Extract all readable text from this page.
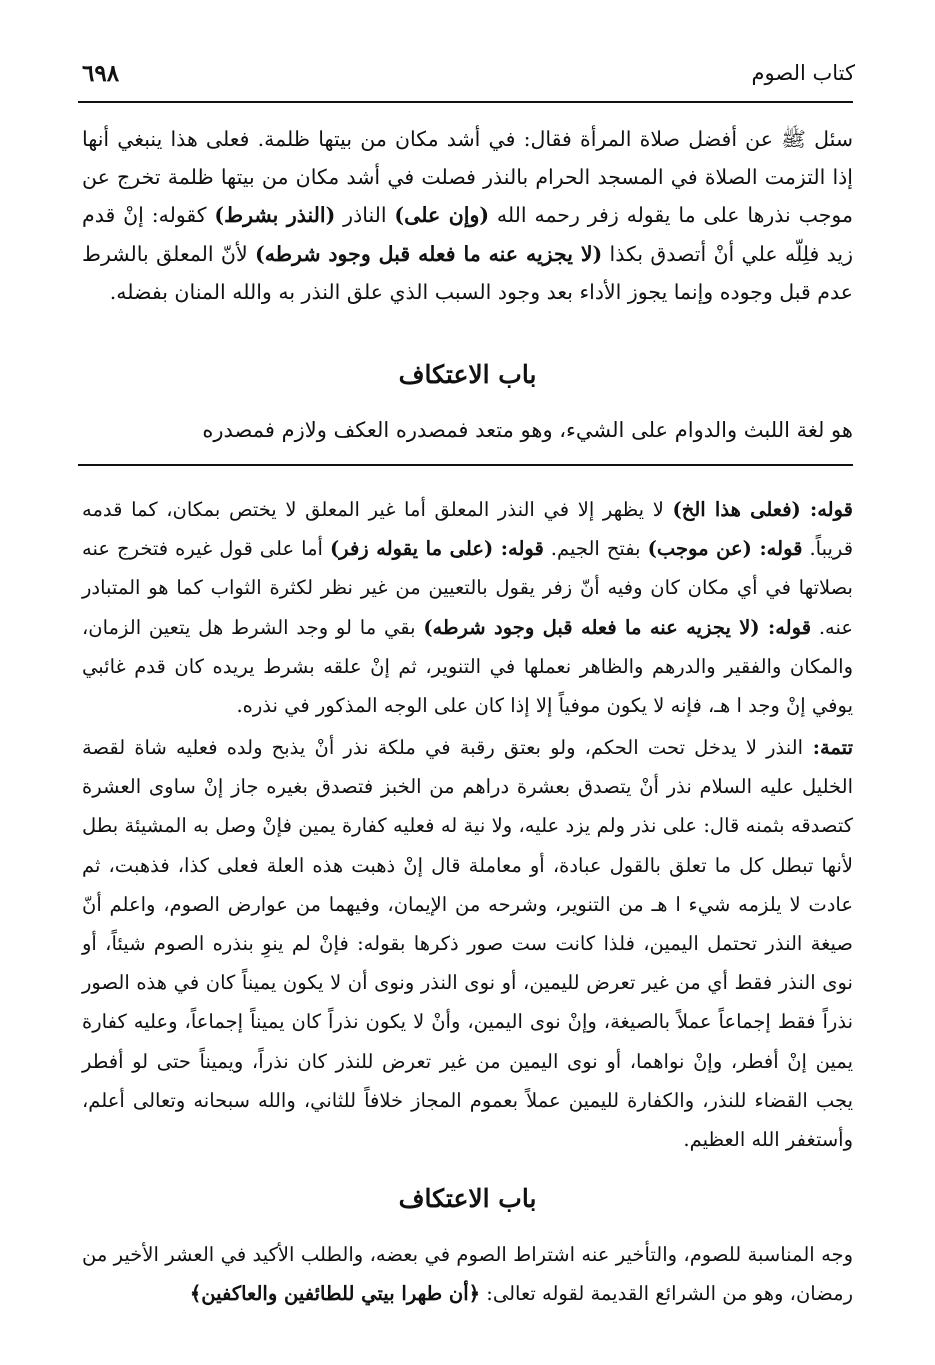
كتاب الصوم
٦٩٨
سئل ﷺ عن أفضل صلاة المرأة فقال: في أشد مكان من بيتها ظلمة. فعلى هذا ينبغي أنها إذا التزمت الصلاة في المسجد الحرام بالنذر فصلت في أشد مكان من بيتها ظلمة تخرج عن موجب نذرها على ما يقوله زفر رحمه الله (وإن على) الناذر (النذر بشرط) كقوله: إنْ قدم زيد فلِلّه علي أنْ أتصدق بكذا (لا يجزيه عنه ما فعله قبل وجود شرطه) لأنّ المعلق بالشرط عدم قبل وجوده وإنما يجوز الأداء بعد وجود السبب الذي علق النذر به والله المنان بفضله.
باب الاعتكاف
هو لغة اللبث والدوام على الشيء، وهو متعد فمصدره العكف ولازم فمصدره
قوله: (فعلى هذا الخ) لا يظهر إلا في النذر المعلق أما غير المعلق لا يختص بمكان، كما قدمه قريباً. قوله: (عن موجب) بفتح الجيم. قوله: (على ما يقوله زفر) أما على قول غيره فتخرج عنه بصلاتها في أي مكان كان وفيه أنّ زفر يقول بالتعيين من غير نظر لكثرة الثواب كما هو المتبادر عنه. قوله: (لا يجزيه عنه ما فعله قبل وجود شرطه) بقي ما لو وجد الشرط هل يتعين الزمان، والمكان والفقير والدرهم والظاهر نعملها في التنوير، ثم إنْ علقه بشرط يريده كان قدم غائبي يوفي إنْ وجد ا هـ، فإنه لا يكون موفياً إلا إذا كان على الوجه المذكور في نذره.
تتمة: النذر لا يدخل تحت الحكم، ولو بعتق رقبة في ملكة نذر أنْ يذبح ولده فعليه شاة لقصة الخليل عليه السلام نذر أنْ يتصدق بعشرة دراهم من الخبز فتصدق بغيره جاز إنْ ساوى العشرة كتصدقه بثمنه قال: على نذر ولم يزد عليه، ولا نية له فعليه كفارة يمين فإنْ وصل به المشيئة بطل لأنها تبطل كل ما تعلق بالقول عبادة، أو معاملة قال إنْ ذهبت هذه العلة فعلى كذا، فذهبت، ثم عادت لا يلزمه شيء ا هـ من التنوير، وشرحه من الإيمان، وفيهما من عوارض الصوم، واعلم أنّ صيغة النذر تحتمل اليمين، فلذا كانت ست صور ذكرها بقوله: فإنْ لم ينوِ بنذره الصوم شيئاً، أو نوى النذر فقط أي من غير تعرض لليمين، أو نوى النذر ونوى أن لا يكون يميناً كان في هذه الصور نذراً فقط إجماعاً عملاً بالصيغة، وإنْ نوى اليمين، وأنْ لا يكون نذراً كان يميناً إجماعاً، وعليه كفارة يمين إنْ أفطر، وإنْ نواهما، أو نوى اليمين من غير تعرض للنذر كان نذراً، ويميناً حتى لو أفطر يجب القضاء للنذر، والكفارة لليمين عملاً بعموم المجاز خلافاً للثاني، والله سبحانه وتعالى أعلم، وأستغفر الله العظيم.
باب الاعتكاف
وجه المناسبة للصوم، والتأخير عنه اشتراط الصوم في بعضه، والطلب الأكيد في العشر الأخير من رمضان، وهو من الشرائع القديمة لقوله تعالى: ﴿أن طهرا بيتي للطائفين والعاكفين﴾
